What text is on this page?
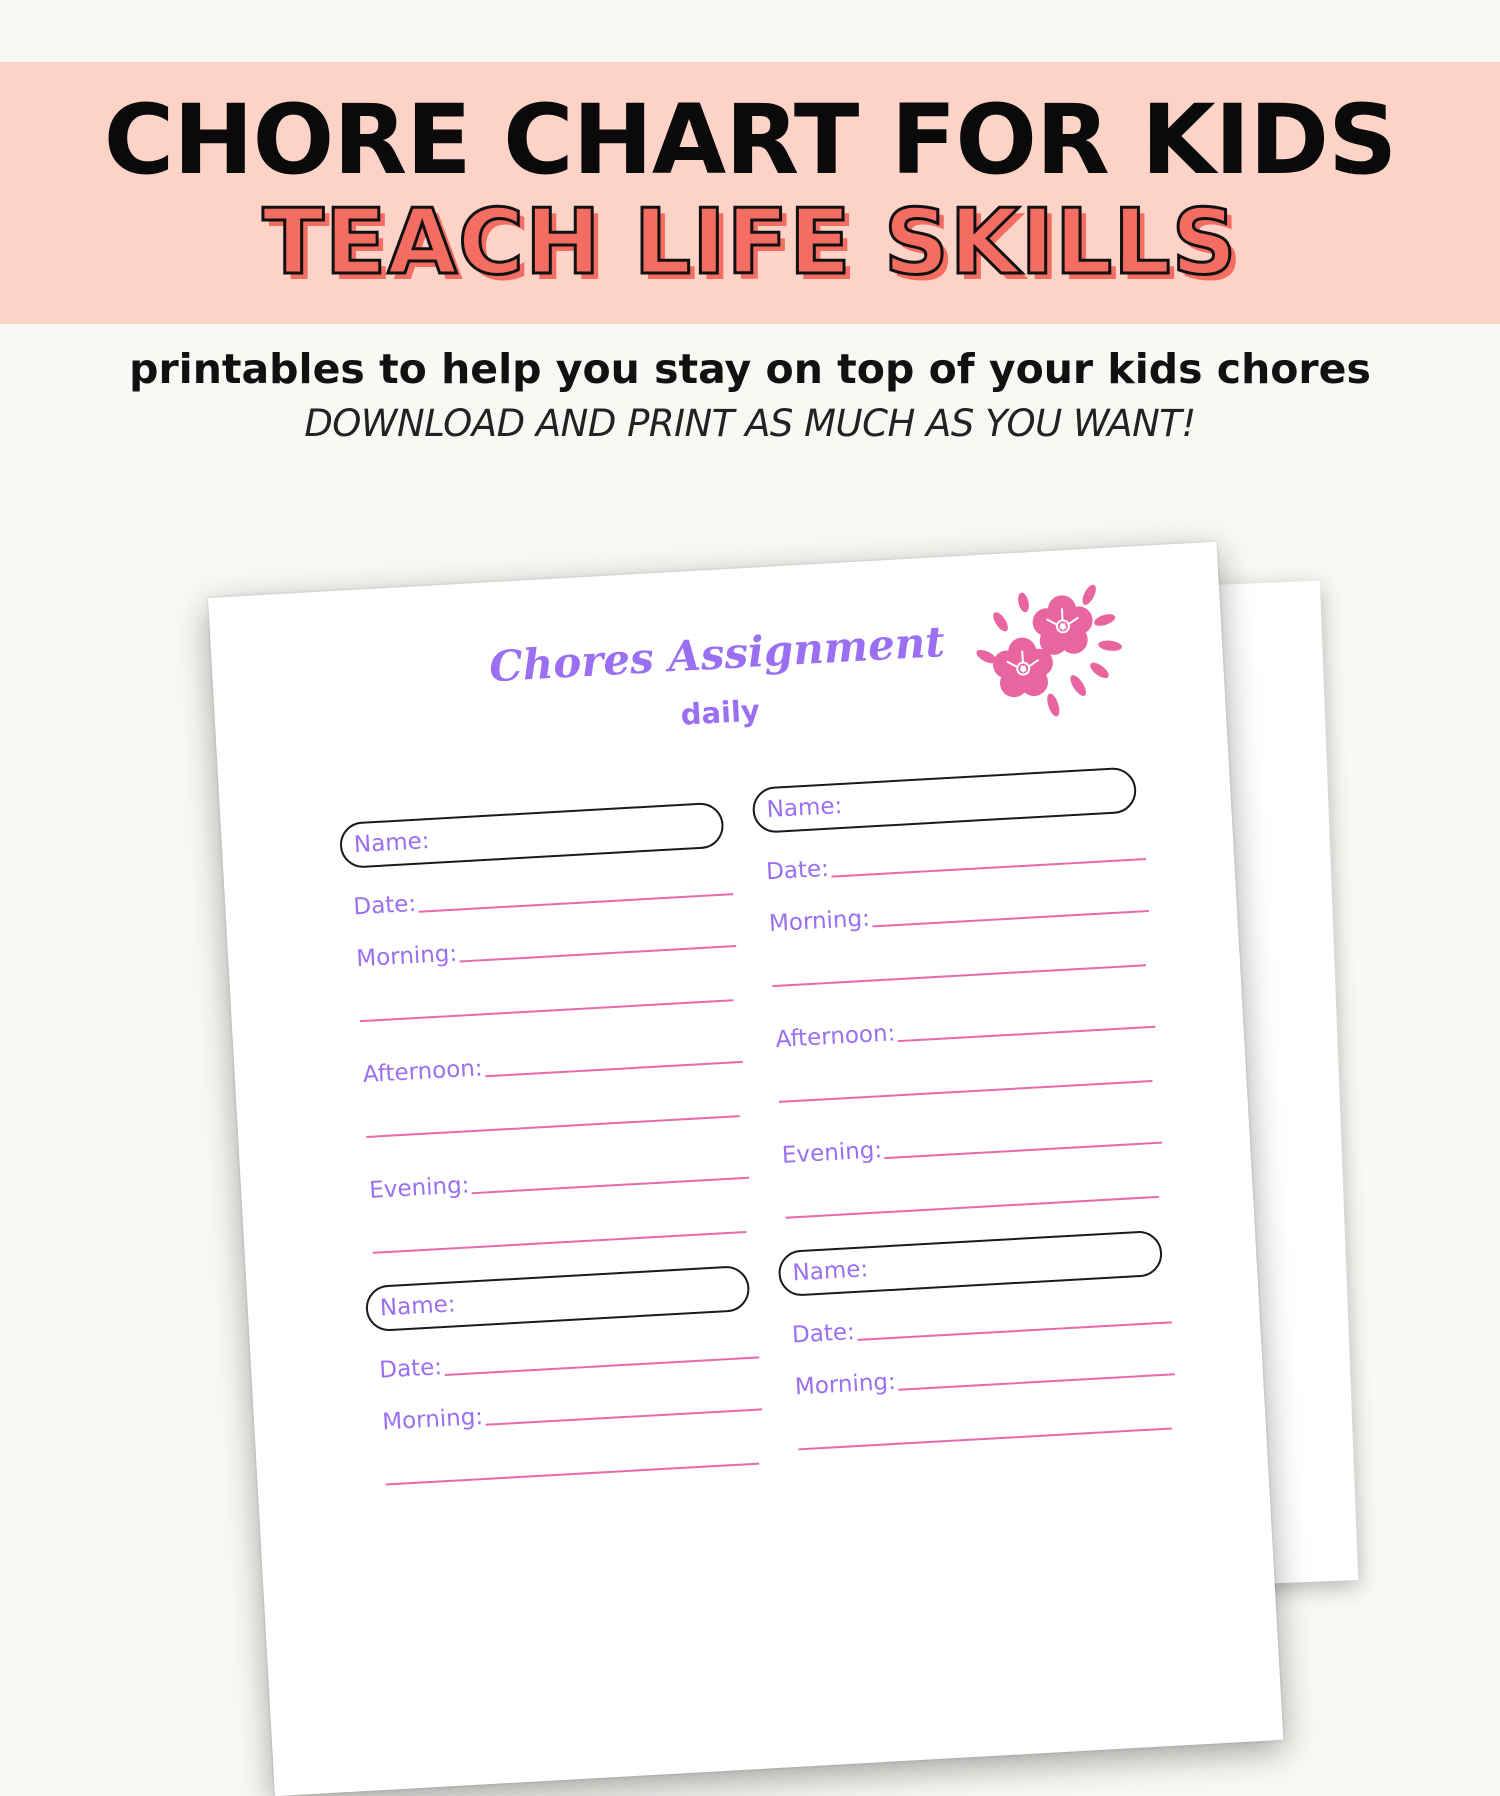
CHORE CHART FOR KIDS
TEACH LIFE SKILLS
printables to help you stay on top of your kids chores
DOWNLOAD AND PRINT AS MUCH AS YOU WANT!
Chores Assignment
daily
Name:
Date:
Morning:
Afternoon:
Evening:
Name:
Date:
Morning:
Afternoon:
Evening:
Name:
Date:
Morning:
Name:
Date:
Morning:
